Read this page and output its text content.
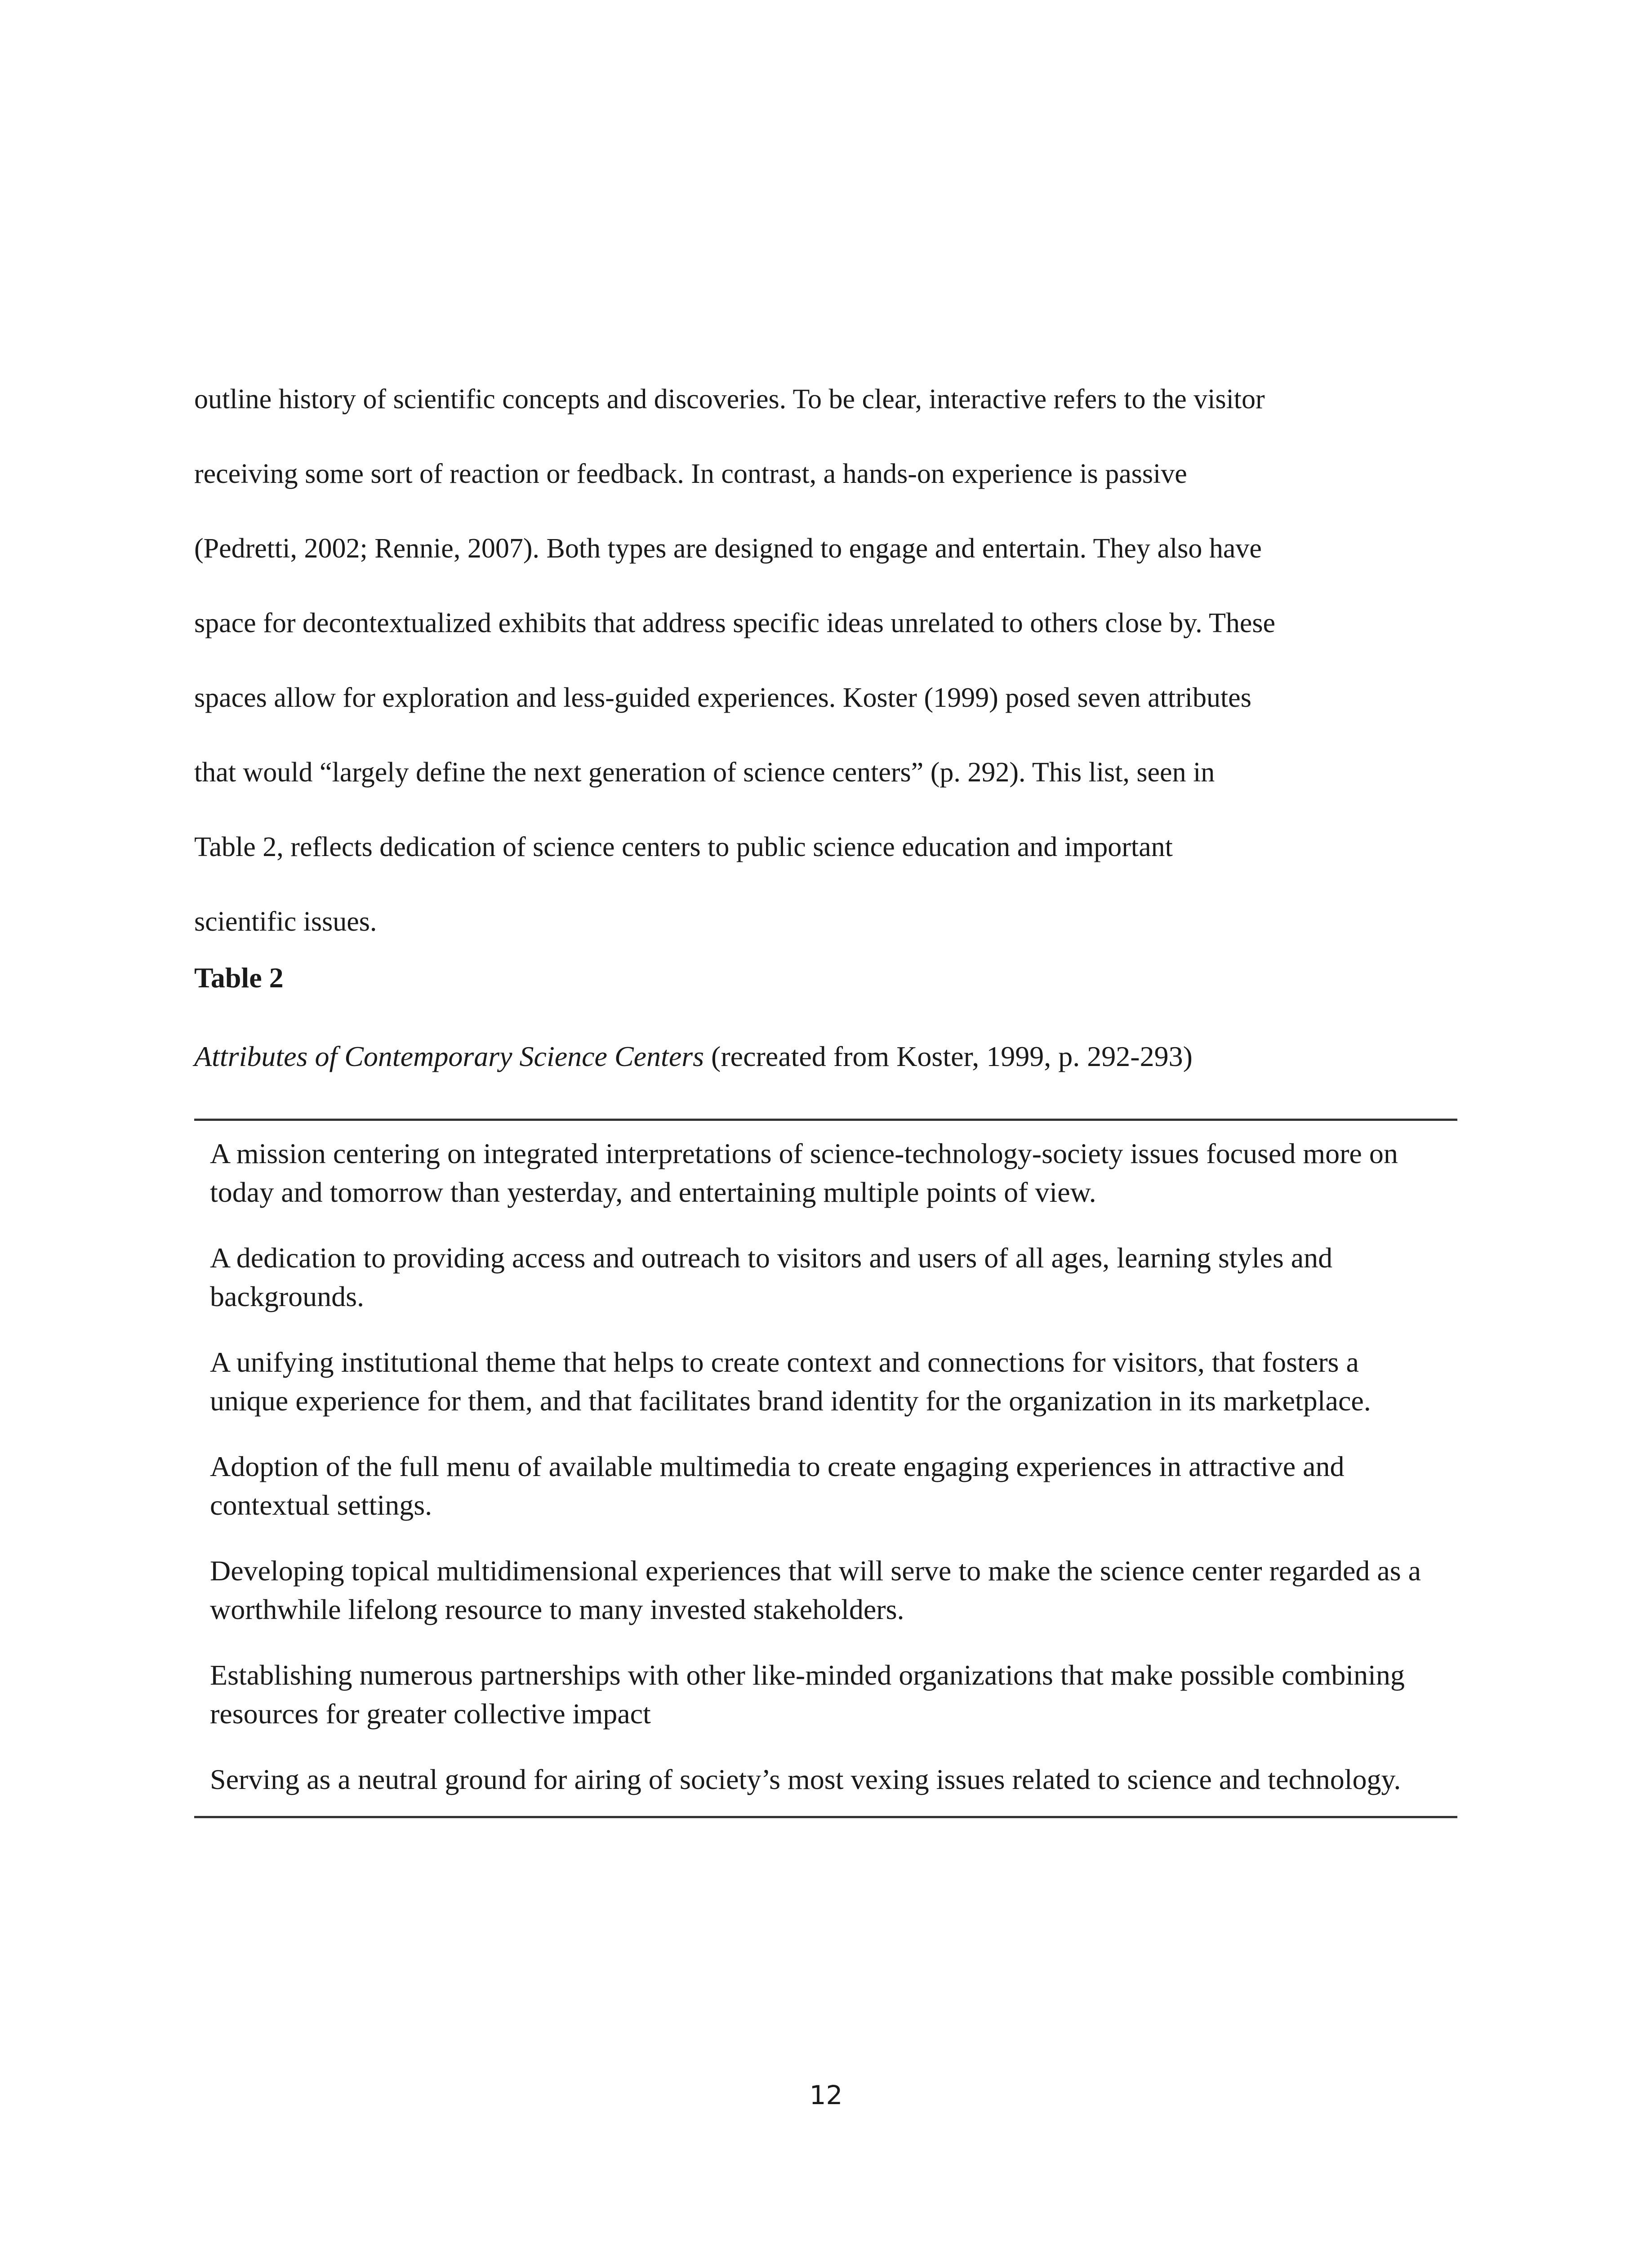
outline history of scientific concepts and discoveries. To be clear, interactive refers to the visitor
receiving some sort of reaction or feedback. In contrast, a hands-on experience is passive
(Pedretti, 2002; Rennie, 2007). Both types are designed to engage and entertain. They also have
space for decontextualized exhibits that address specific ideas unrelated to others close by. These
spaces allow for exploration and less-guided experiences. Koster (1999) posed seven attributes
that would “largely define the next generation of science centers” (p. 292). This list, seen in
Table 2, reflects dedication of science centers to public science education and important
scientific issues.

Table 2

Attributes of Contemporary Science Centers (recreated from Koster, 1999, p. 292-293)

A mission centering on integrated interpretations of science-technology-society issues focused more on today and tomorrow than yesterday, and entertaining multiple points of view.

A dedication to providing access and outreach to visitors and users of all ages, learning styles and backgrounds.

A unifying institutional theme that helps to create context and connections for visitors, that fosters a unique experience for them, and that facilitates brand identity for the organization in its marketplace.

Adoption of the full menu of available multimedia to create engaging experiences in attractive and contextual settings.

Developing topical multidimensional experiences that will serve to make the science center regarded as a worthwhile lifelong resource to many invested stakeholders.

Establishing numerous partnerships with other like-minded organizations that make possible combining resources for greater collective impact

Serving as a neutral ground for airing of society’s most vexing issues related to science and technology.

12
